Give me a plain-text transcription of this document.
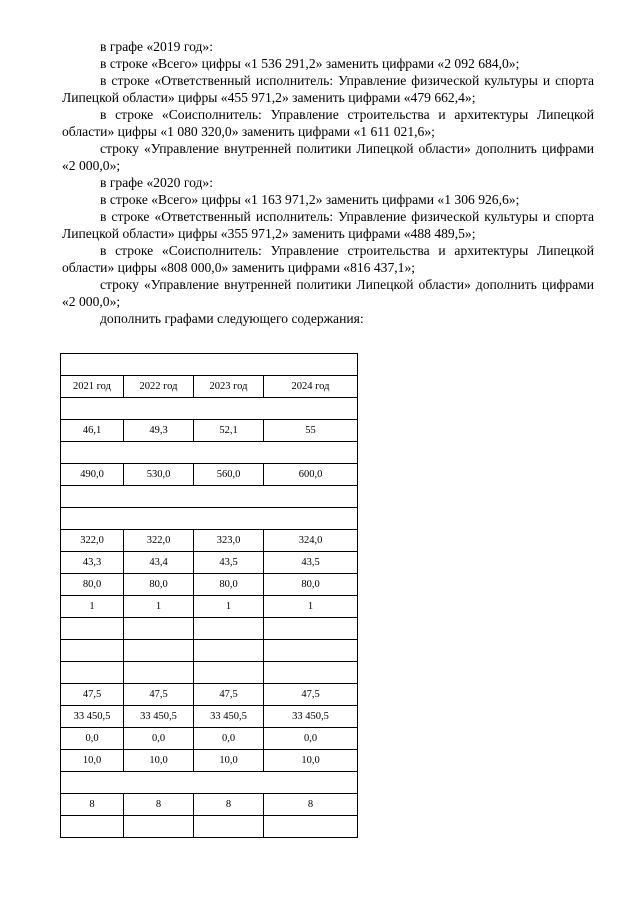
в графе «2019 год»:

в строке «Всего» цифры «1 536 291,2» заменить цифрами «2 092 684,0»;

в строке «Ответственный исполнитель: Управление физической культуры и спорта Липецкой области» цифры «455 971,2» заменить цифрами «479 662,4»;

в строке «Соисполнитель: Управление строительства и архитектуры Липецкой области» цифры «1 080 320,0» заменить цифрами «1 611 021,6»;

строку «Управление внутренней политики Липецкой области» дополнить цифрами «2 000,0»;

в графе «2020 год»:

в строке «Всего» цифры «1 163 971,2» заменить цифрами «1 306 926,6»;

в строке «Ответственный исполнитель: Управление физической культуры и спорта Липецкой области» цифры «355 971,2» заменить цифрами «488 489,5»;

в строке «Соисполнитель: Управление строительства и архитектуры Липецкой области» цифры «808 000,0» заменить цифрами «816 437,1»;

строку «Управление внутренней политики Липецкой области» дополнить цифрами «2 000,0»;

дополнить графами следующего содержания:

2021 год	2022 год	2023 год	2024 год

46,1	49,3	52,1	55

490,0	530,0	560,0	600,0

322,0	322,0	323,0	324,0
43,3	43,4	43,5	43,5
80,0	80,0	80,0	80,0
1	1	1	1

47,5	47,5	47,5	47,5
33 450,5	33 450,5	33 450,5	33 450,5
0,0	0,0	0,0	0,0
10,0	10,0	10,0	10,0

8	8	8	8
